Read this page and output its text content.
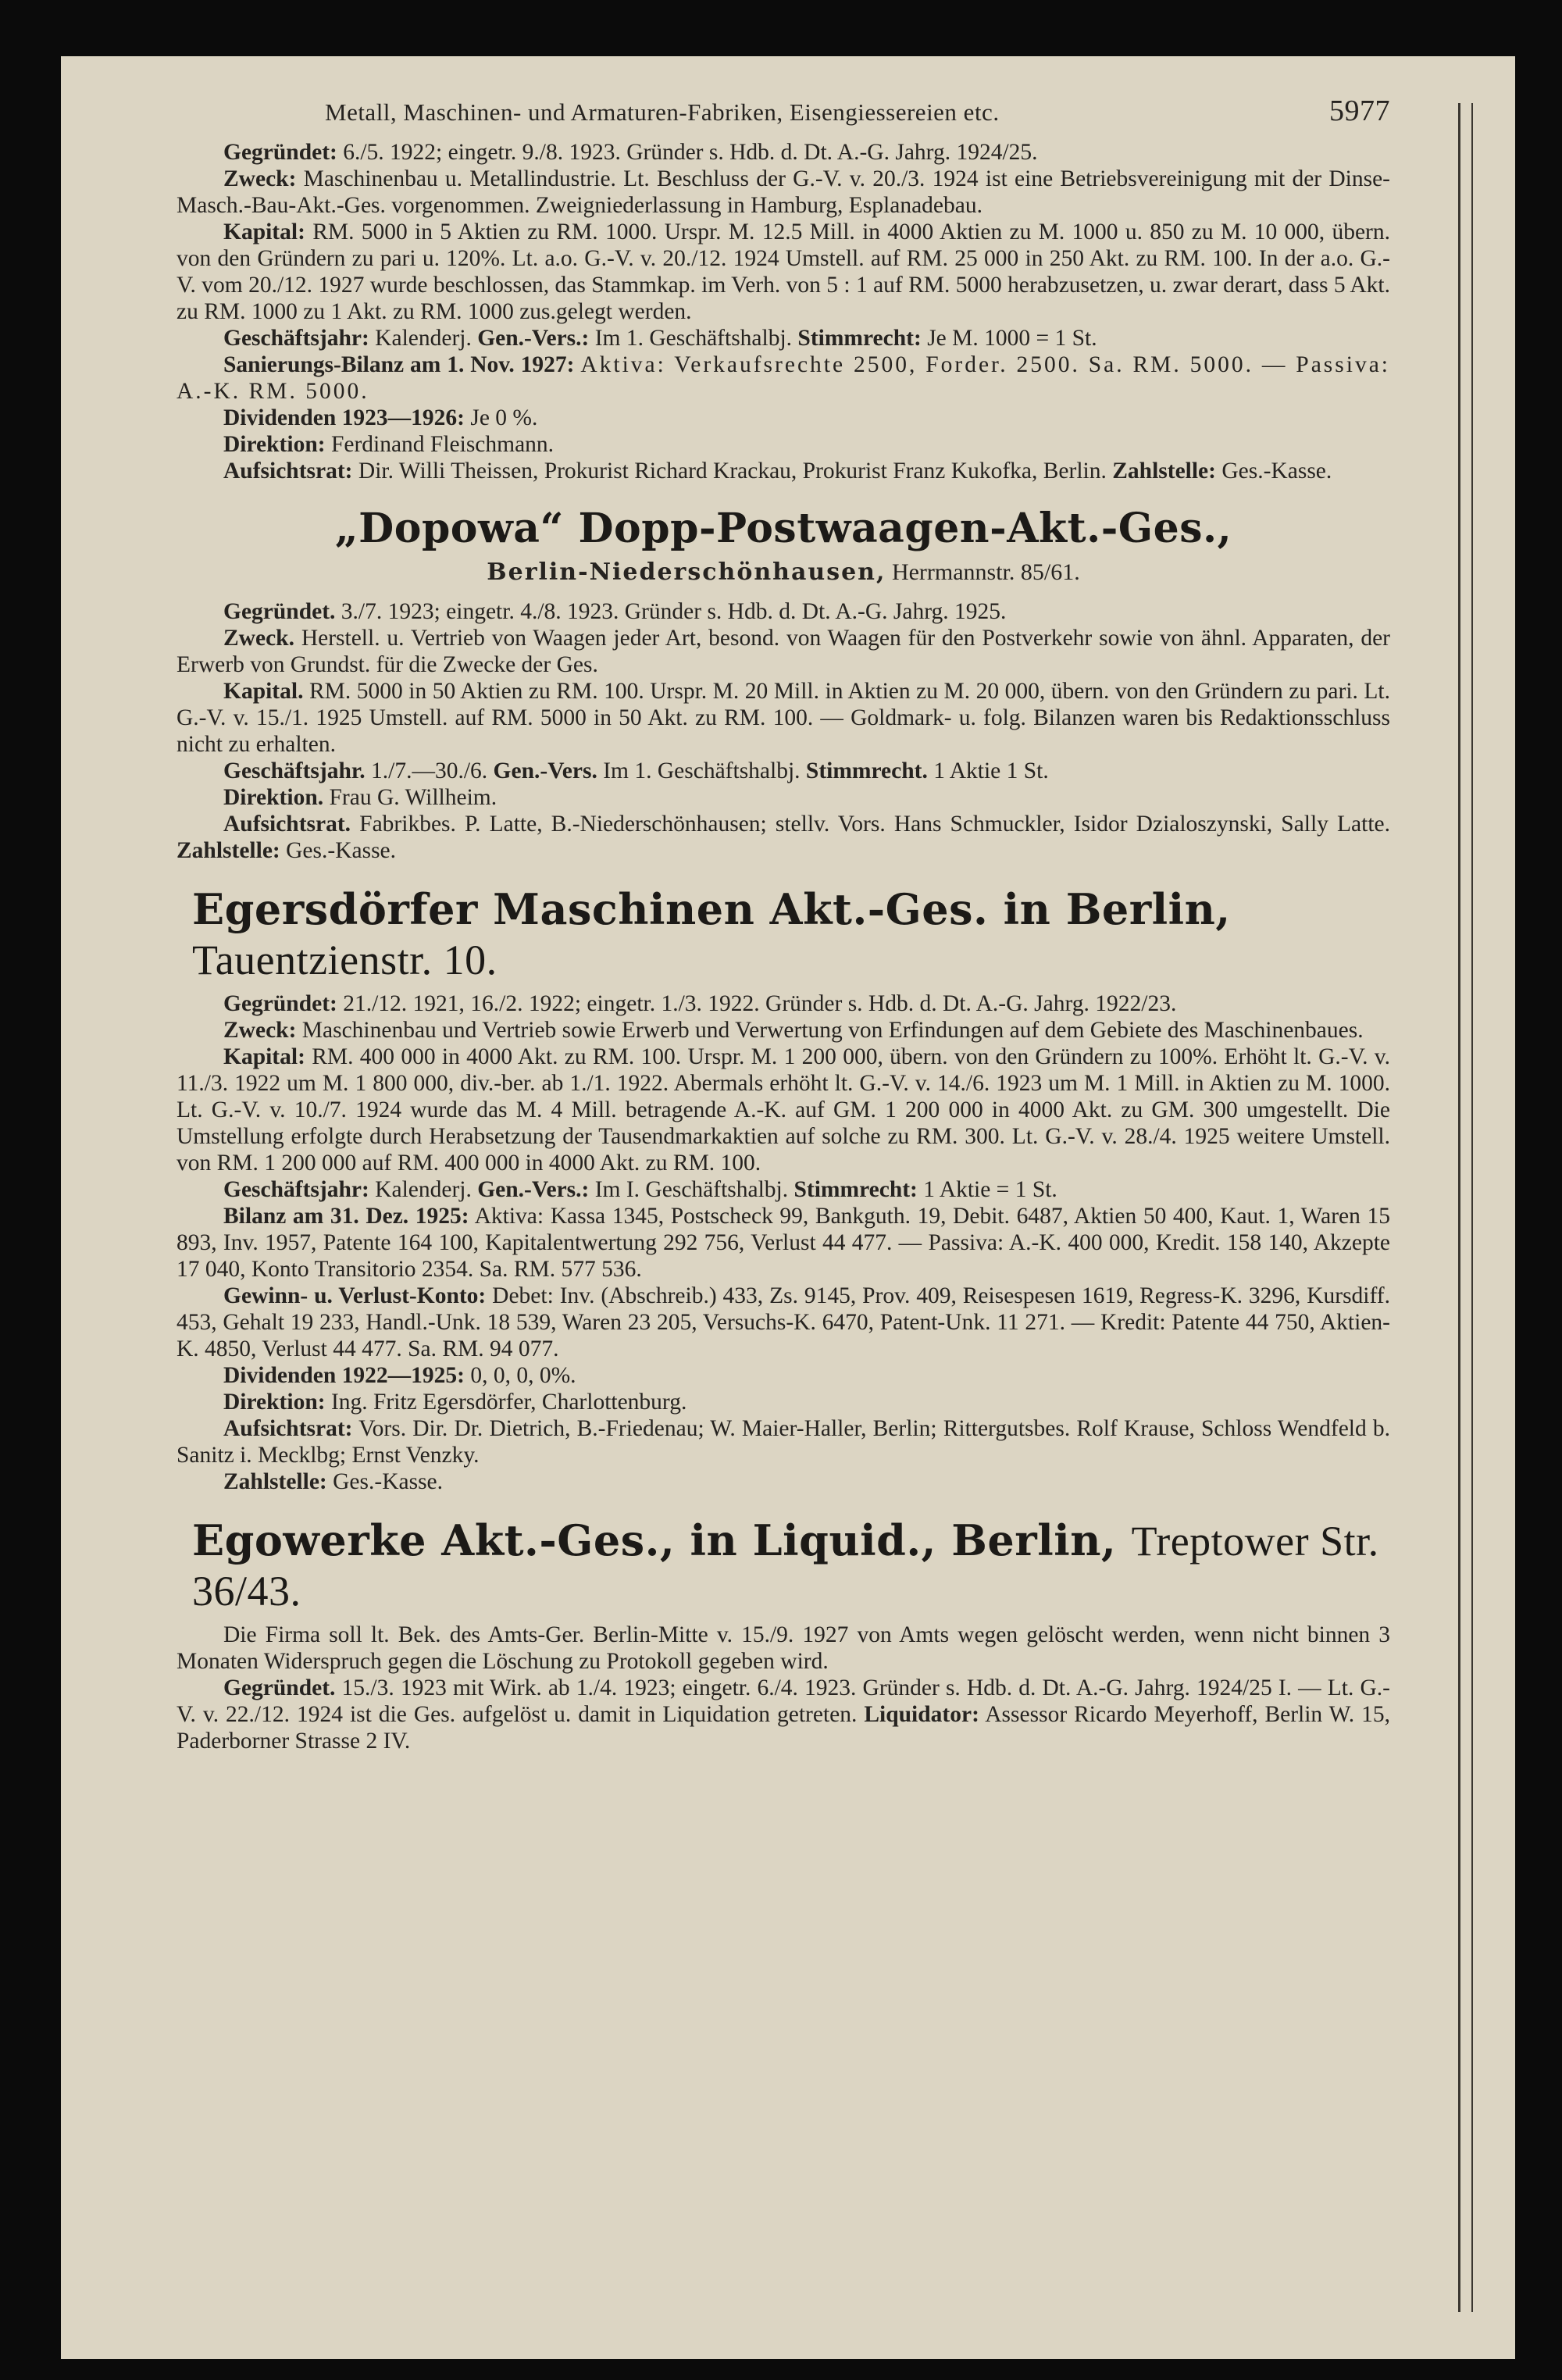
Metall, Maschinen- und Armaturen-Fabriken, Eisengiessereien etc.	5977

Gegründet: 6./5. 1922; eingetr. 9./8. 1923. Gründer s. Hdb. d. Dt. A.-G. Jahrg. 1924/25.

Zweck: Maschinenbau u. Metallindustrie. Lt. Beschluss der G.-V. v. 20./3. 1924 ist eine Betriebsvereinigung mit der Dinse-Masch.-Bau-Akt.-Ges. vorgenommen. Zweigniederlassung in Hamburg, Esplanadebau.

Kapital: RM. 5000 in 5 Aktien zu RM. 1000. Urspr. M. 12.5 Mill. in 4000 Aktien zu M. 1000 u. 850 zu M. 10 000, übern. von den Gründern zu pari u. 120%. Lt. a.o. G.-V. v. 20./12. 1924 Umstell. auf RM. 25 000 in 250 Akt. zu RM. 100. In der a.o. G.-V. vom 20./12. 1927 wurde beschlossen, das Stammkap. im Verh. von 5 : 1 auf RM. 5000 herabzusetzen, u. zwar derart, dass 5 Akt. zu RM. 1000 zu 1 Akt. zu RM. 1000 zus.gelegt werden.

Geschäftsjahr: Kalenderj. Gen.-Vers.: Im 1. Geschäftshalbj. Stimmrecht: Je M. 1000 = 1 St.

Sanierungs-Bilanz am 1. Nov. 1927: Aktiva: Verkaufsrechte 2500, Forder. 2500. Sa. RM. 5000. — Passiva: A.-K. RM. 5000.

Dividenden 1923—1926: Je 0 %.

Direktion: Ferdinand Fleischmann.

Aufsichtsrat: Dir. Willi Theissen, Prokurist Richard Krackau, Prokurist Franz Kukofka, Berlin. Zahlstelle: Ges.-Kasse.

„Dopowa“ Dopp-Postwaagen-Akt.-Ges.,
Berlin-Niederschönhausen, Herrmannstr. 85/61.

Gegründet. 3./7. 1923; eingetr. 4./8. 1923. Gründer s. Hdb. d. Dt. A.-G. Jahrg. 1925.

Zweck. Herstell. u. Vertrieb von Waagen jeder Art, besond. von Waagen für den Postverkehr sowie von ähnl. Apparaten, der Erwerb von Grundst. für die Zwecke der Ges.

Kapital. RM. 5000 in 50 Aktien zu RM. 100. Urspr. M. 20 Mill. in Aktien zu M. 20 000, übern. von den Gründern zu pari. Lt. G.-V. v. 15./1. 1925 Umstell. auf RM. 5000 in 50 Akt. zu RM. 100. — Goldmark- u. folg. Bilanzen waren bis Redaktionsschluss nicht zu erhalten.

Geschäftsjahr. 1./7.—30./6. Gen.-Vers. Im 1. Geschäftshalbj. Stimmrecht. 1 Aktie 1 St.

Direktion. Frau G. Willheim.

Aufsichtsrat. Fabrikbes. P. Latte, B.-Niederschönhausen; stellv. Vors. Hans Schmuckler, Isidor Dzialoszynski, Sally Latte. Zahlstelle: Ges.-Kasse.

Egersdörfer Maschinen Akt.-Ges. in Berlin, Tauentzienstr. 10.

Gegründet: 21./12. 1921, 16./2. 1922; eingetr. 1./3. 1922. Gründer s. Hdb. d. Dt. A.-G. Jahrg. 1922/23.

Zweck: Maschinenbau und Vertrieb sowie Erwerb und Verwertung von Erfindungen auf dem Gebiete des Maschinenbaues.

Kapital: RM. 400 000 in 4000 Akt. zu RM. 100. Urspr. M. 1 200 000, übern. von den Gründern zu 100%. Erhöht lt. G.-V. v. 11./3. 1922 um M. 1 800 000, div.-ber. ab 1./1. 1922. Abermals erhöht lt. G.-V. v. 14./6. 1923 um M. 1 Mill. in Aktien zu M. 1000. Lt. G.-V. v. 10./7. 1924 wurde das M. 4 Mill. betragende A.-K. auf GM. 1 200 000 in 4000 Akt. zu GM. 300 umgestellt. Die Umstellung erfolgte durch Herabsetzung der Tausendmarkaktien auf solche zu RM. 300. Lt. G.-V. v. 28./4. 1925 weitere Umstell. von RM. 1 200 000 auf RM. 400 000 in 4000 Akt. zu RM. 100.

Geschäftsjahr: Kalenderj. Gen.-Vers.: Im I. Geschäftshalbj. Stimmrecht: 1 Aktie = 1 St.

Bilanz am 31. Dez. 1925: Aktiva: Kassa 1345, Postscheck 99, Bankguth. 19, Debit. 6487, Aktien 50 400, Kaut. 1, Waren 15 893, Inv. 1957, Patente 164 100, Kapitalentwertung 292 756, Verlust 44 477. — Passiva: A.-K. 400 000, Kredit. 158 140, Akzepte 17 040, Konto Transitorio 2354. Sa. RM. 577 536.

Gewinn- u. Verlust-Konto: Debet: Inv. (Abschreib.) 433, Zs. 9145, Prov. 409, Reisespesen 1619, Regress-K. 3296, Kursdiff. 453, Gehalt 19 233, Handl.-Unk. 18 539, Waren 23 205, Versuchs-K. 6470, Patent-Unk. 11 271. — Kredit: Patente 44 750, Aktien-K. 4850, Verlust 44 477. Sa. RM. 94 077.

Dividenden 1922—1925: 0, 0, 0, 0%.

Direktion: Ing. Fritz Egersdörfer, Charlottenburg.

Aufsichtsrat: Vors. Dir. Dr. Dietrich, B.-Friedenau; W. Maier-Haller, Berlin; Rittergutsbes. Rolf Krause, Schloss Wendfeld b. Sanitz i. Mecklbg; Ernst Venzky.

Zahlstelle: Ges.-Kasse.

Egowerke Akt.-Ges., in Liquid., Berlin, Treptower Str. 36/43.

Die Firma soll lt. Bek. des Amts-Ger. Berlin-Mitte v. 15./9. 1927 von Amts wegen gelöscht werden, wenn nicht binnen 3 Monaten Widerspruch gegen die Löschung zu Protokoll gegeben wird.

Gegründet. 15./3. 1923 mit Wirk. ab 1./4. 1923; eingetr. 6./4. 1923. Gründer s. Hdb. d. Dt. A.-G. Jahrg. 1924/25 I. — Lt. G.-V. v. 22./12. 1924 ist die Ges. aufgelöst u. damit in Liquidation getreten. Liquidator: Assessor Ricardo Meyerhoff, Berlin W. 15, Paderborner Strasse 2 IV.
